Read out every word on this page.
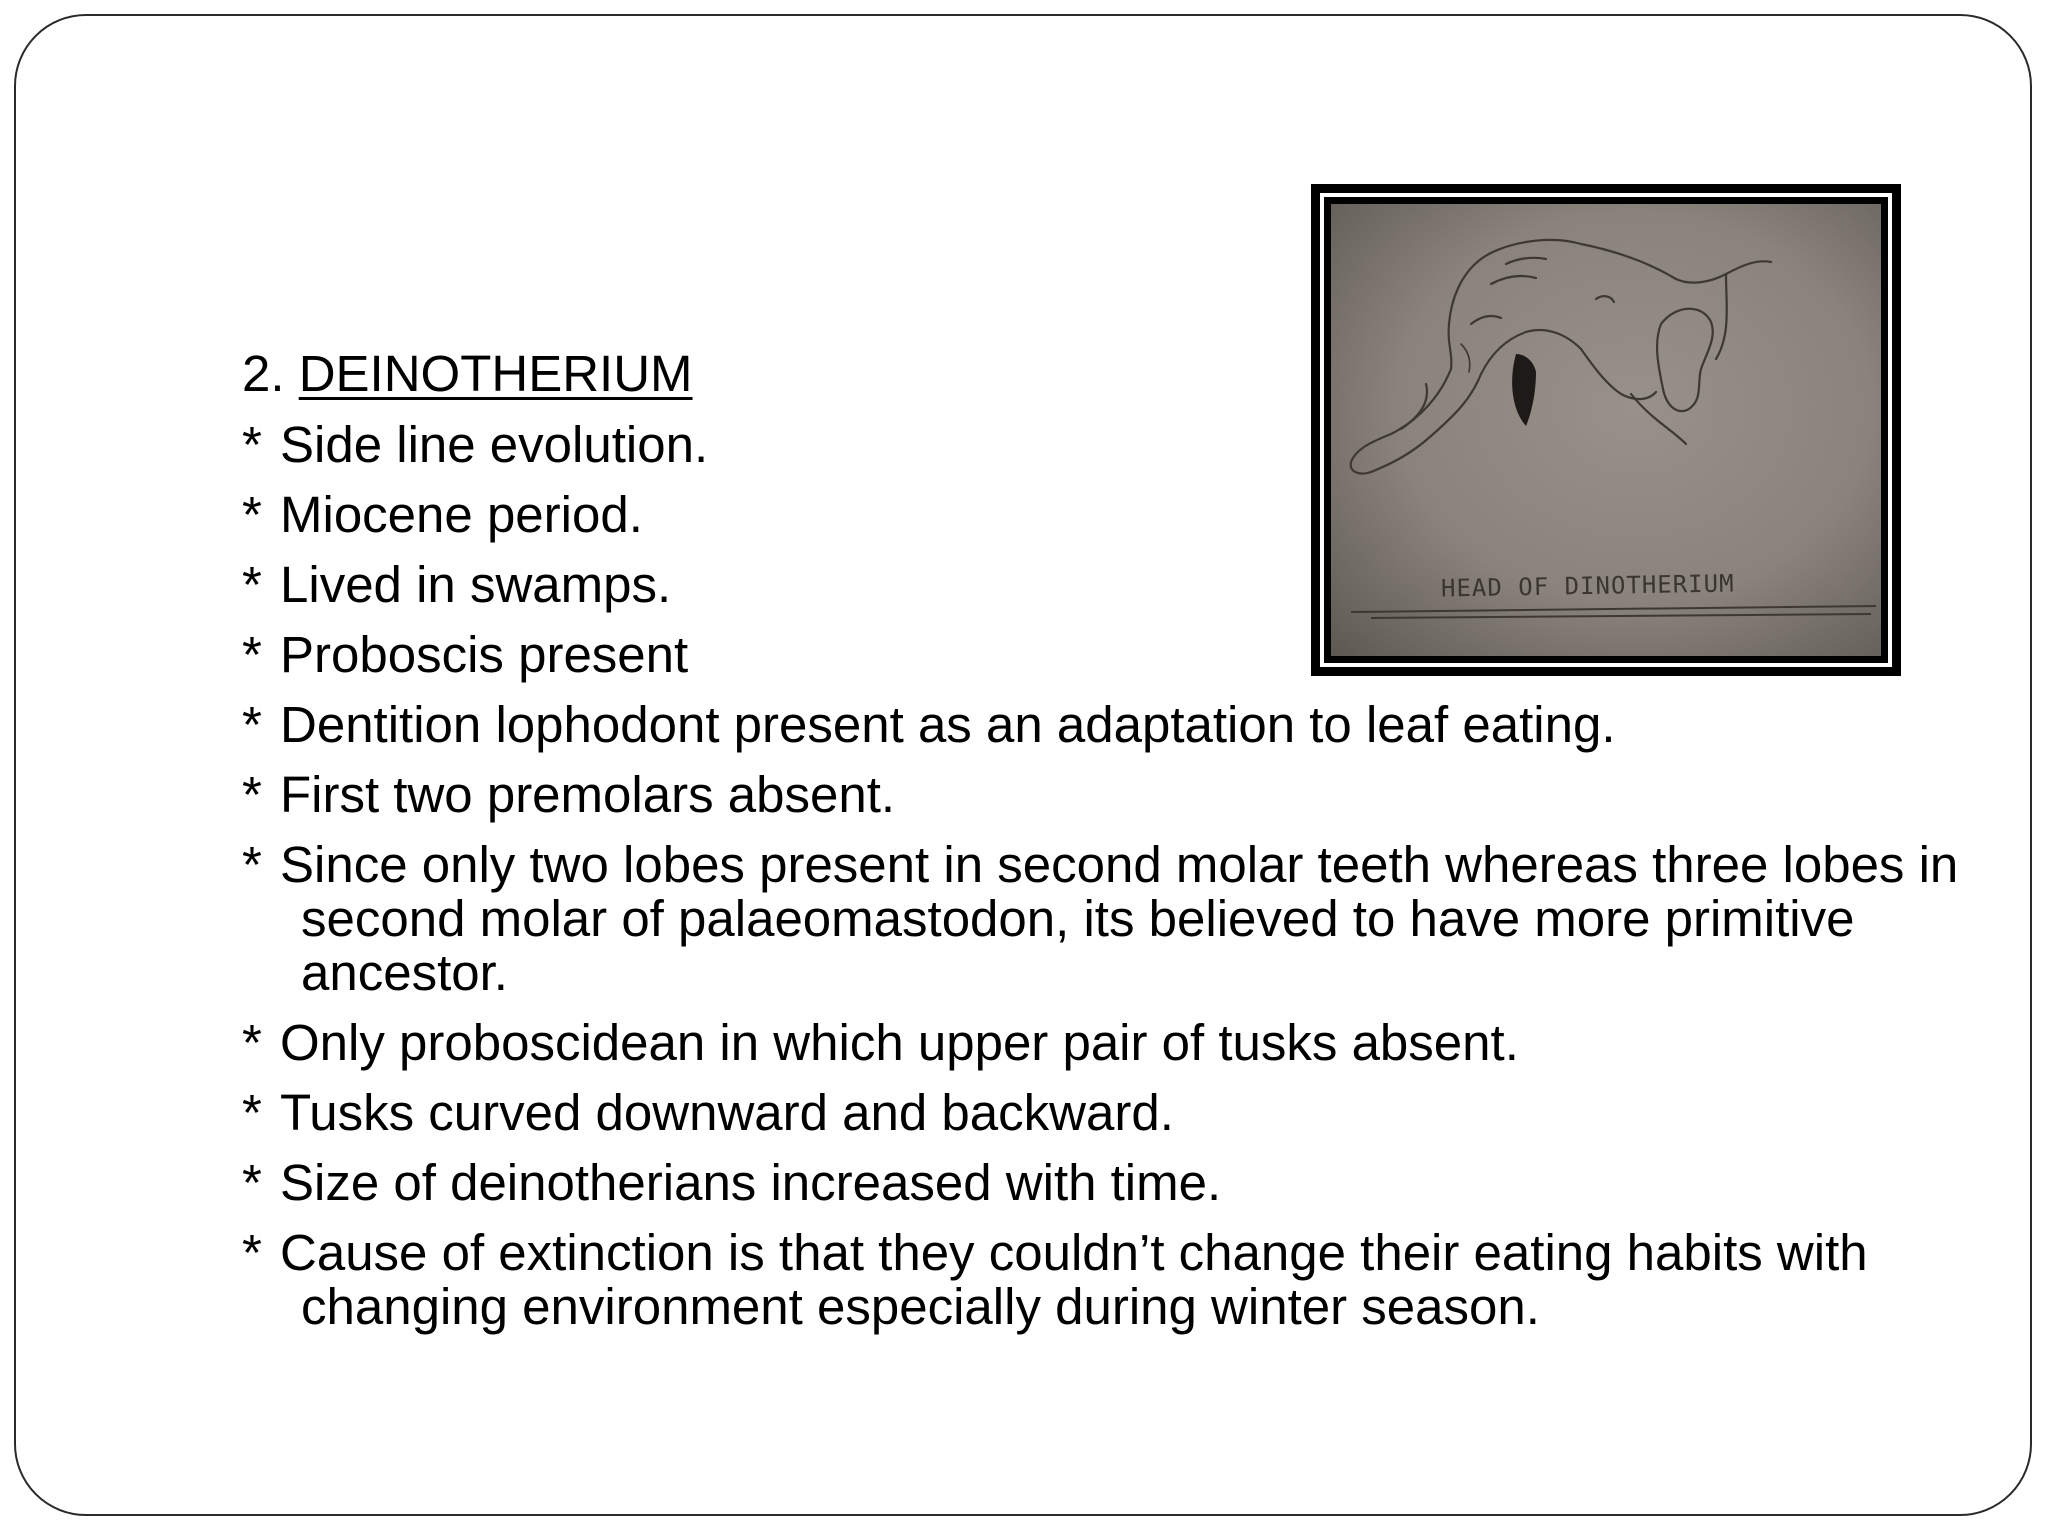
HEAD OF DINOTHERIUM
2. DEINOTHERIUM
* Side line evolution.
* Miocene period.
* Lived in swamps.
* Proboscis present
* Dentition lophodont present as an adaptation to leaf eating.
* First two premolars absent.
* Since only two lobes present in second molar teeth whereas three lobes in second molar of palaeomastodon, its believed to have more primitive ancestor.
* Only proboscidean in which upper pair of tusks absent.
* Tusks curved downward and backward.
* Size of deinotherians increased with time.
* Cause of extinction is that they couldn’t change their eating habits with changing environment especially during winter season.
